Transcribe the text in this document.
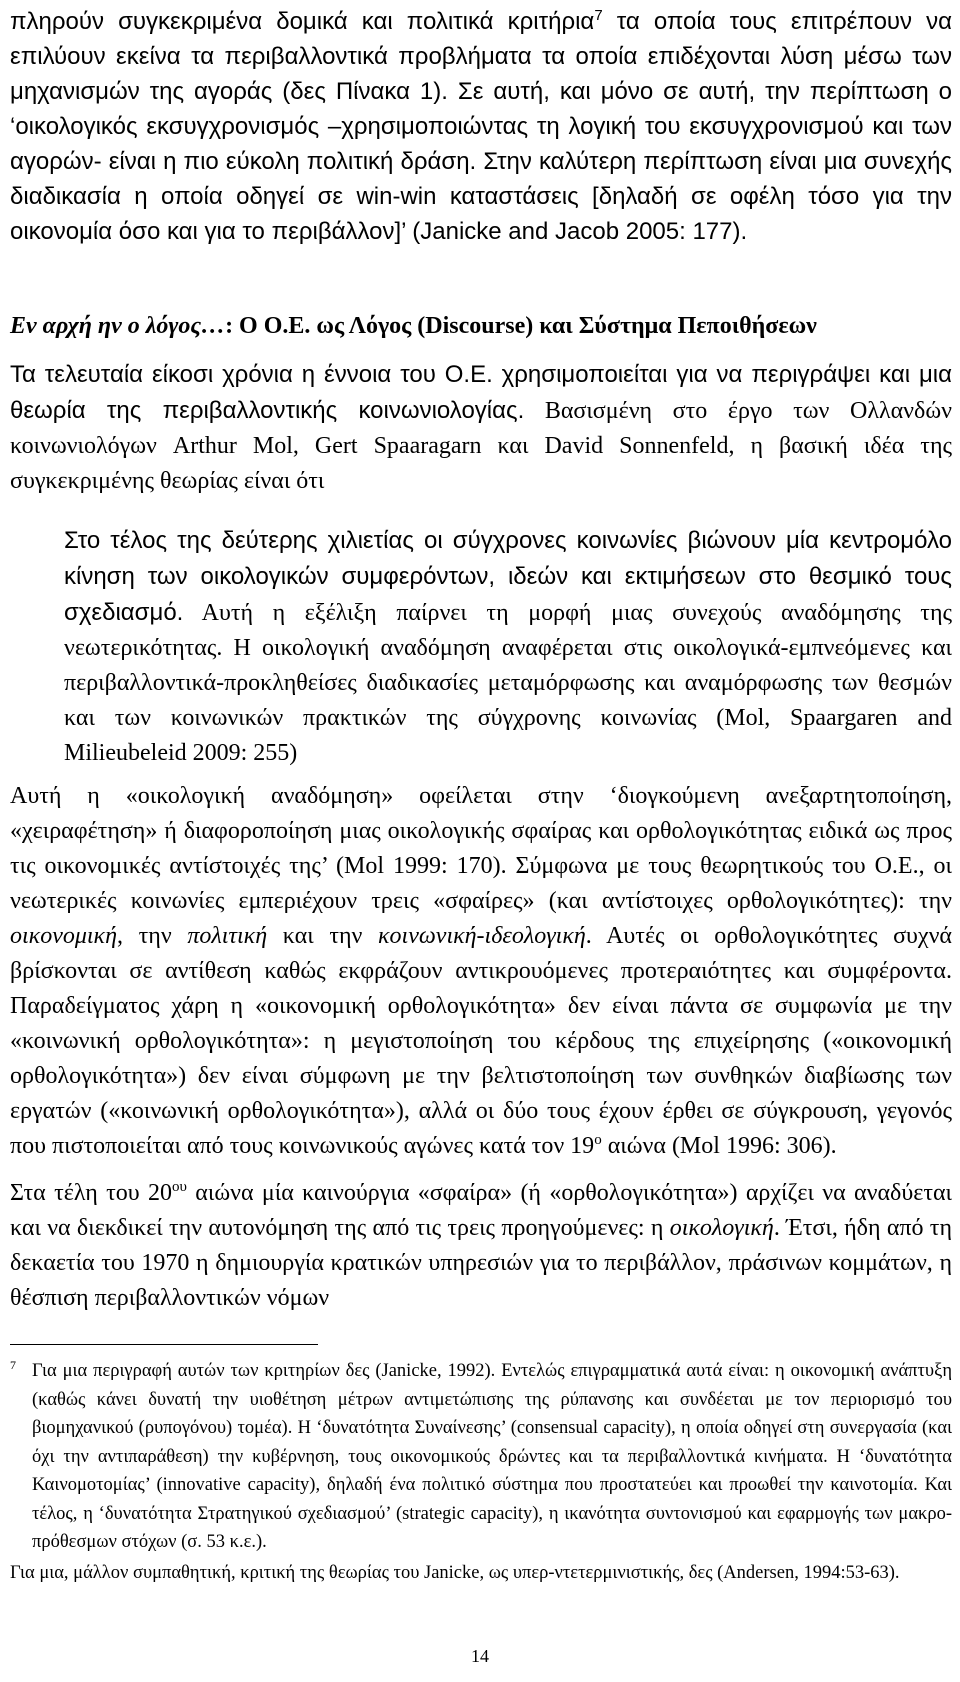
πληρούν συγκεκριμένα δομικά και πολιτικά κριτήρια$^7$ τα οποία τους επιτρέπουν να επιλύουν εκείνα τα περιβαλλοντικά προβλήματα τα οποία επιδέχονται λύση μέσω των μηχανισμών της αγοράς (δες Πίνακα 1). Σε αυτή, και μόνο σε αυτή, την περίπτωση ο ‘οικολογικός εκσυγχρονισμός –χρησιμοποιώντας τη λογική του εκσυγχρονισμού και των αγορών- είναι η πιο εύκολη πολιτική δράση. Στην καλύτερη περίπτωση είναι μια συνεχής διαδικασία η οποία οδηγεί σε win-win καταστάσεις [δηλαδή σε οφέλη τόσο για την οικονομία όσο και για το περιβάλλον]’ (Janicke and Jacob 2005: 177).

Εν αρχή ην ο λόγος…: Ο Ο.Ε. ως Λόγος (Discourse) και Σύστημα Πεποιθήσεων

Τα τελευταία είκοσι χρόνια η έννοια του Ο.Ε. χρησιμοποιείται για να περιγράψει και μια θεωρία της περιβαλλοντικής κοινωνιολογίας. Βασισμένη στο έργο των Ολλανδών κοινωνιολόγων Arthur Mol, Gert Spaaragarn και David Sonnenfeld, η βασική ιδέα της συγκεκριμένης θεωρίας είναι ότι

Στο τέλος της δεύτερης χιλιετίας οι σύγχρονες κοινωνίες βιώνουν μία κεντρομόλο κίνηση των οικολογικών συμφερόντων, ιδεών και εκτιμήσεων στο θεσμικό τους σχεδιασμό. Αυτή η εξέλιξη παίρνει τη μορφή μιας συνεχούς αναδόμησης της νεωτερικότητας. Η οικολογική αναδόμηση αναφέρεται στις οικολογικά-εμπνεόμενες και περιβαλλοντικά-προκληθείσες διαδικασίες μεταμόρφωσης και αναμόρφωσης των θεσμών και των κοινωνικών πρακτικών της σύγχρονης κοινωνίας (Mol, Spaargaren and Milieubeleid 2009: 255)

Αυτή η «οικολογική αναδόμηση» οφείλεται στην ‘διογκούμενη ανεξαρτητοποίηση, «χειραφέτηση» ή διαφοροποίηση μιας οικολογικής σφαίρας και ορθολογικότητας ειδικά ως προς τις οικονομικές αντίστοιχές της’ (Mol 1999: 170). Σύμφωνα με τους θεωρητικούς του Ο.Ε., οι νεωτερικές κοινωνίες εμπεριέχουν τρεις «σφαίρες» (και αντίστοιχες ορθολογικότητες): την οικονομική, την πολιτική και την κοινωνική-ιδεολογική. Αυτές οι ορθολογικότητες συχνά βρίσκονται σε αντίθεση καθώς εκφράζουν αντικρουόμενες προτεραιότητες και συμφέροντα. Παραδείγματος χάρη η «οικονομική ορθολογικότητα» δεν είναι πάντα σε συμφωνία με την «κοινωνική ορθολογικότητα»: η μεγιστοποίηση του κέρδους της επιχείρησης («οικονομική ορθολογικότητα») δεν είναι σύμφωνη με την βελτιστοποίηση των συνθηκών διαβίωσης των εργατών («κοινωνική ορθολογικότητα»), αλλά οι δύο τους έχουν έρθει σε σύγκρουση, γεγονός που πιστοποιείται από τους κοινωνικούς αγώνες κατά τον $19^o$ αιώνα (Mol 1996: 306).

Στα τέλη του $20^{o\upsilon}$ αιώνα μία καινούργια «σφαίρα» (ή «ορθολογικότητα») αρχίζει να αναδύεται και να διεκδικεί την αυτονόμηση της από τις τρεις προηγούμενες: η οικολογική. Έτσι, ήδη από τη δεκαετία του 1970 η δημιουργία κρατικών υπηρεσιών για το περιβάλλον, πράσινων κομμάτων, η θέσπιση περιβαλλοντικών νόμων

$^7$ Για μια περιγραφή αυτών των κριτηρίων δες (Janicke, 1992). Εντελώς επιγραμματικά αυτά είναι: η οικονομική ανάπτυξη (καθώς κάνει δυνατή την υιοθέτηση μέτρων αντιμετώπισης της ρύπανσης και συνδέεται με τον περιορισμό του βιομηχανικού (ρυπογόνου) τομέα). Η ‘δυνατότητα Συναίνεσης’ (consensual capacity), η οποία οδηγεί στη συνεργασία (και όχι την αντιπαράθεση) την κυβέρνηση, τους οικονομικούς δρώντες και τα περιβαλλοντικά κινήματα. Η ‘δυνατότητα Καινομοτομίας’ (innovative capacity), δηλαδή ένα πολιτικό σύστημα που προστατεύει και προωθεί την καινοτομία. Και τέλος, η ‘δυνατότητα Στρατηγικού σχεδιασμού’ (strategic capacity), η ικανότητα συντονισμού και εφαρμογής των μακρο-πρόθεσμων στόχων (σ. 53 κ.ε.).
Για μια, μάλλον συμπαθητική, κριτική της θεωρίας του Janicke, ως υπερ-ντετερμινιστικής, δες (Andersen, 1994:53-63).
14
